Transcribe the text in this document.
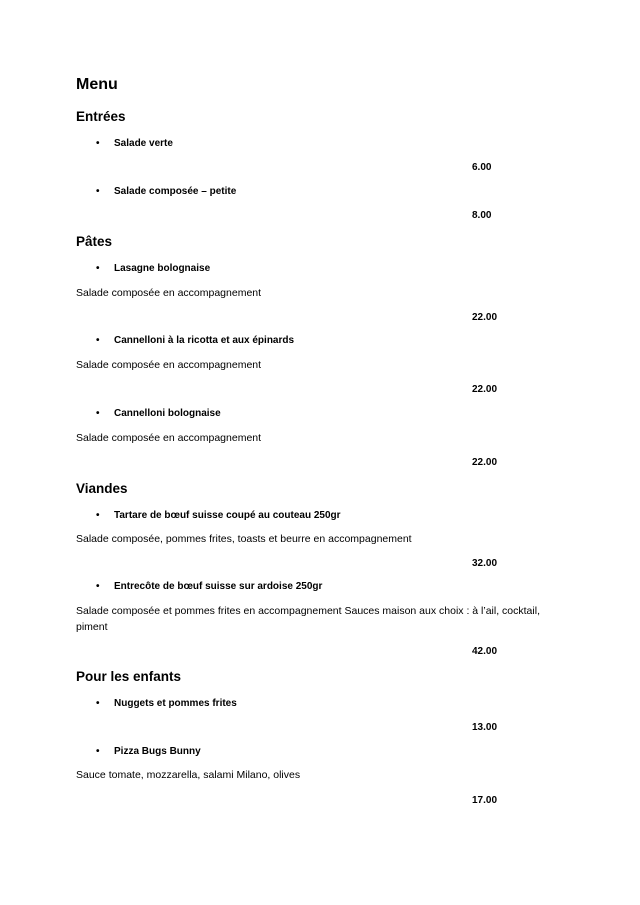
Menu
Entrées
• Salade verte
6.00
• Salade composée – petite
8.00
Pâtes
• Lasagne bolognaise
Salade composée en accompagnement
22.00
• Cannelloni à la ricotta et aux épinards
Salade composée en accompagnement
22.00
• Cannelloni bolognaise
Salade composée en accompagnement
22.00
Viandes
• Tartare de bœuf suisse coupé au couteau 250gr
Salade composée, pommes frites, toasts et beurre en accompagnement
32.00
• Entrecôte de bœuf suisse sur ardoise 250gr
Salade composée et pommes frites en accompagnement Sauces maison aux choix : à l’ail, cocktail, piment
42.00
Pour les enfants
• Nuggets et pommes frites
13.00
• Pizza Bugs Bunny
Sauce tomate, mozzarella, salami Milano, olives
17.00
